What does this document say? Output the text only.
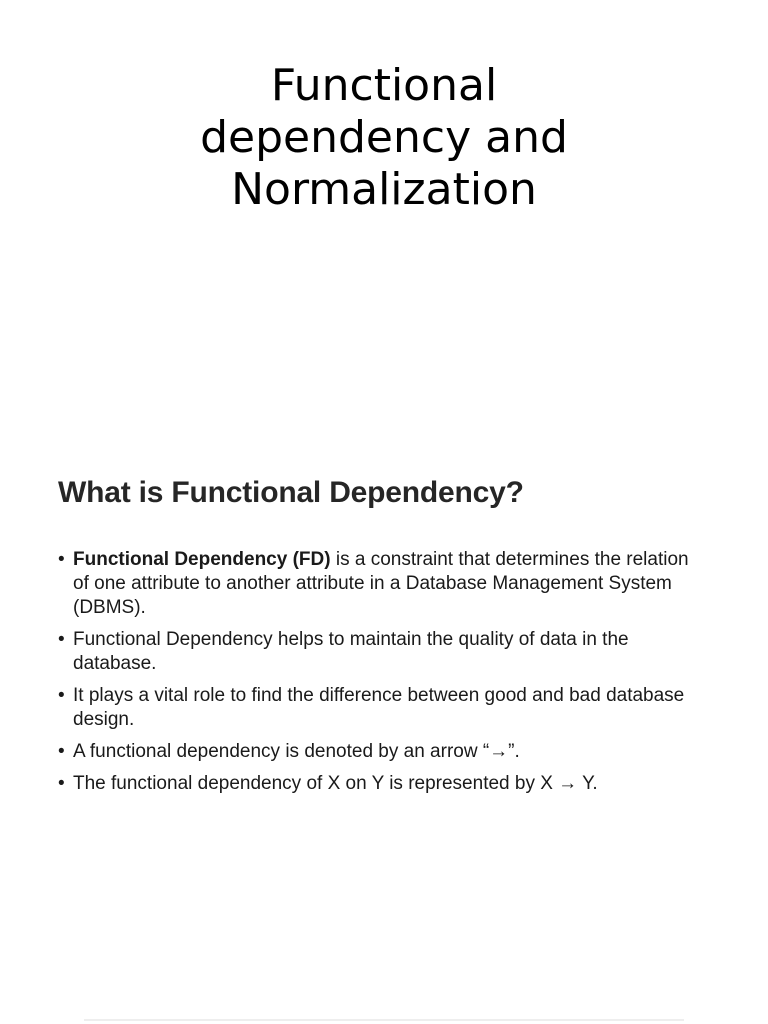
Functional
dependency and
Normalization
What is Functional Dependency?
• Functional Dependency (FD) is a constraint that determines the relation of one attribute to another attribute in a Database Management System (DBMS).
• Functional Dependency helps to maintain the quality of data in the database.
• It plays a vital role to find the difference between good and bad database design.
• A functional dependency is denoted by an arrow “→”.
• The functional dependency of X on Y is represented by X → Y.
